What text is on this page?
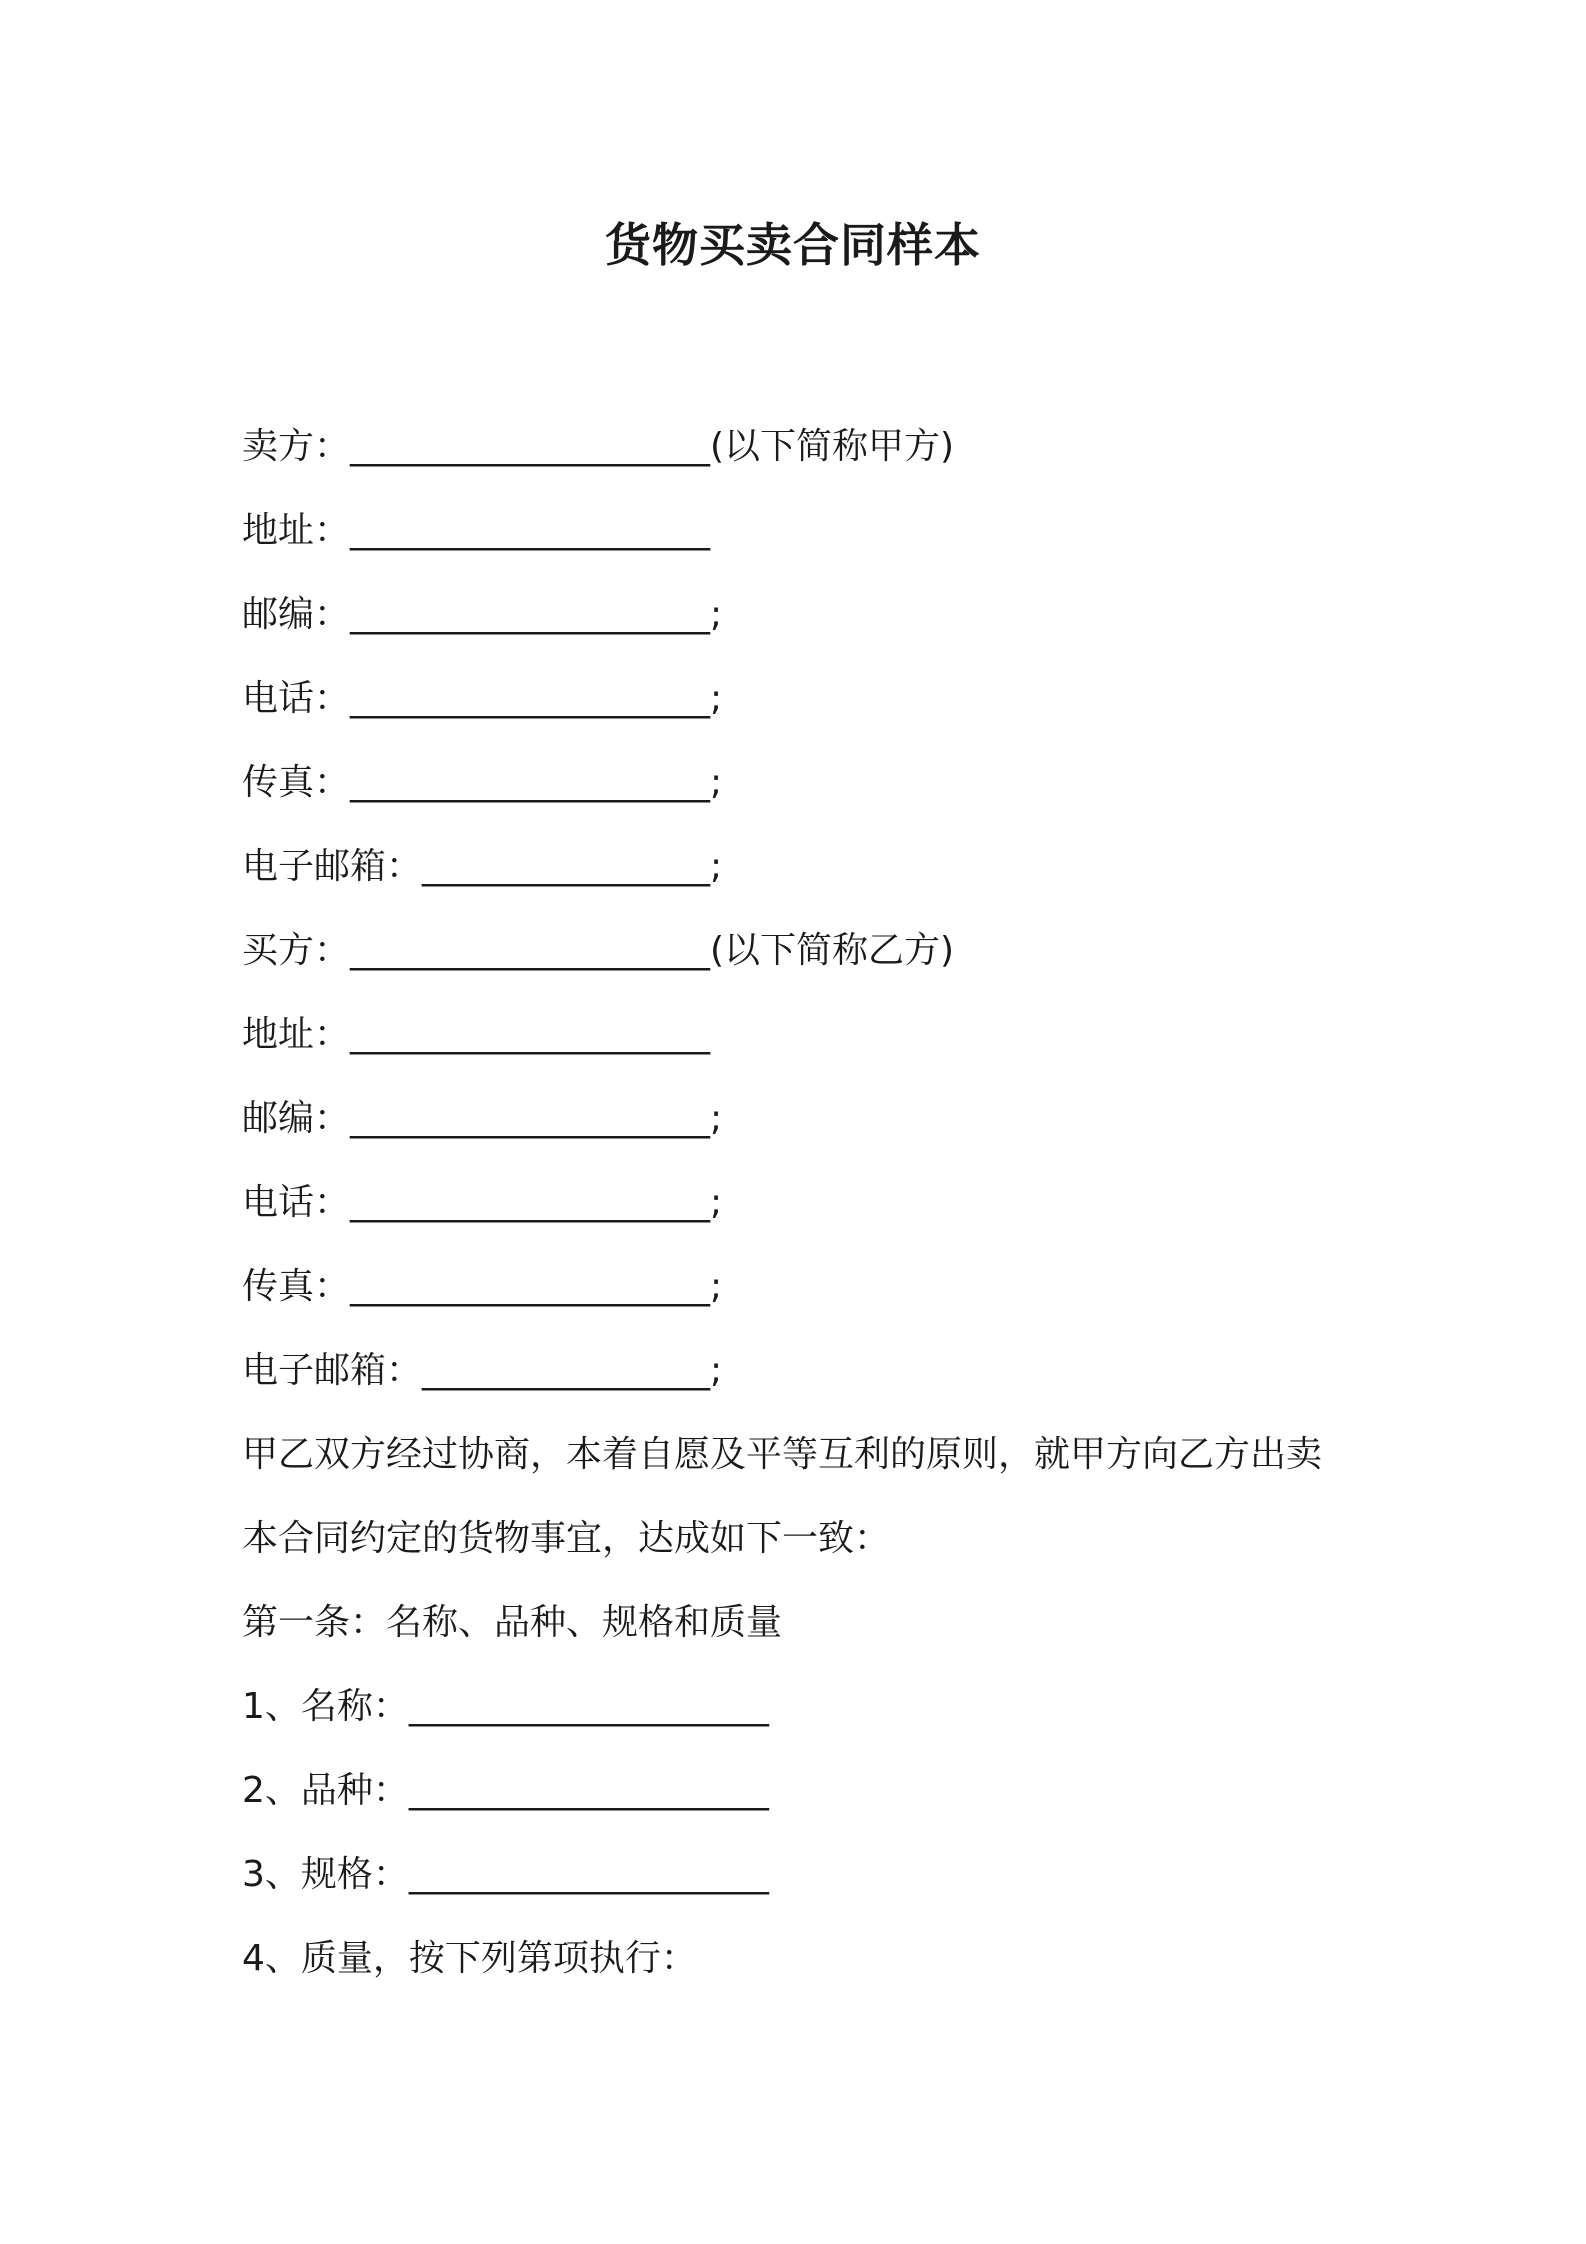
货物买卖合同样本
卖方：____________________(以下简称甲方)
地址：____________________
邮编：____________________;
电话：____________________;
传真：____________________;
电子邮箱：________________;
买方：____________________(以下简称乙方)
地址：____________________
邮编：____________________;
电话：____________________;
传真：____________________;
电子邮箱：________________;
甲乙双方经过协商，本着自愿及平等互利的原则，就甲方向乙方出卖
本合同约定的货物事宜，达成如下一致：
第一条：名称、品种、规格和质量
1、名称：____________________
2、品种：____________________
3、规格：____________________
4、质量，按下列第项执行：
